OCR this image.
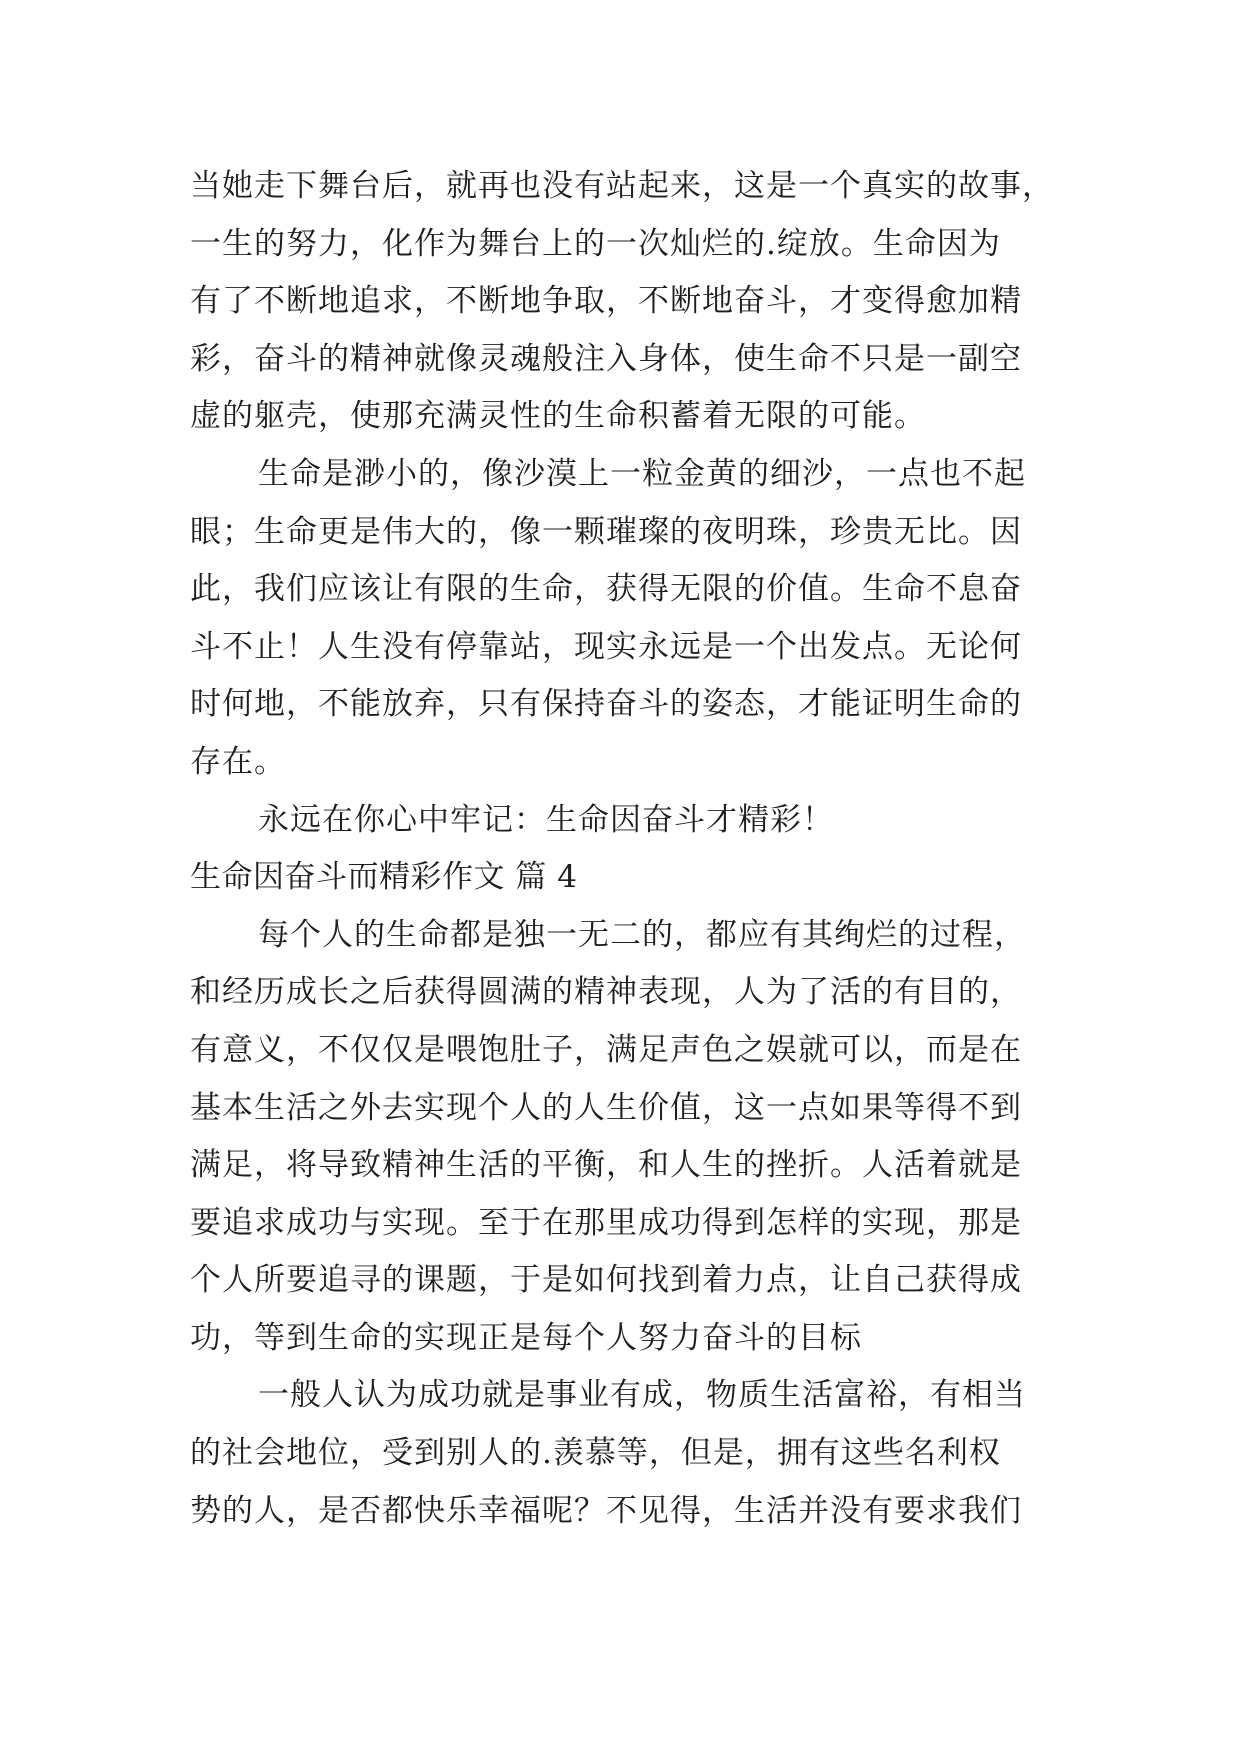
当她走下舞台后，就再也没有站起来，这是一个真实的故事，
一生的努力，化作为舞台上的一次灿烂的.绽放。生命因为
有了不断地追求，不断地争取，不断地奋斗，才变得愈加精
彩，奋斗的精神就像灵魂般注入身体，使生命不只是一副空
虚的躯壳，使那充满灵性的生命积蓄着无限的可能。
生命是渺小的，像沙漠上一粒金黄的细沙，一点也不起
眼；生命更是伟大的，像一颗璀璨的夜明珠，珍贵无比。因
此，我们应该让有限的生命，获得无限的价值。生命不息奋
斗不止！人生没有停靠站，现实永远是一个出发点。无论何
时何地，不能放弃，只有保持奋斗的姿态，才能证明生命的
存在。
永远在你心中牢记：生命因奋斗才精彩！
生命因奋斗而精彩作文 篇 4
每个人的生命都是独一无二的，都应有其绚烂的过程，
和经历成长之后获得圆满的精神表现，人为了活的有目的，
有意义，不仅仅是喂饱肚子，满足声色之娱就可以，而是在
基本生活之外去实现个人的人生价值，这一点如果等得不到
满足，将导致精神生活的平衡，和人生的挫折。人活着就是
要追求成功与实现。至于在那里成功得到怎样的实现，那是
个人所要追寻的课题，于是如何找到着力点，让自己获得成
功，等到生命的实现正是每个人努力奋斗的目标
一般人认为成功就是事业有成，物质生活富裕，有相当
的社会地位，受到别人的.羡慕等，但是，拥有这些名利权
势的人，是否都快乐幸福呢？不见得，生活并没有要求我们
